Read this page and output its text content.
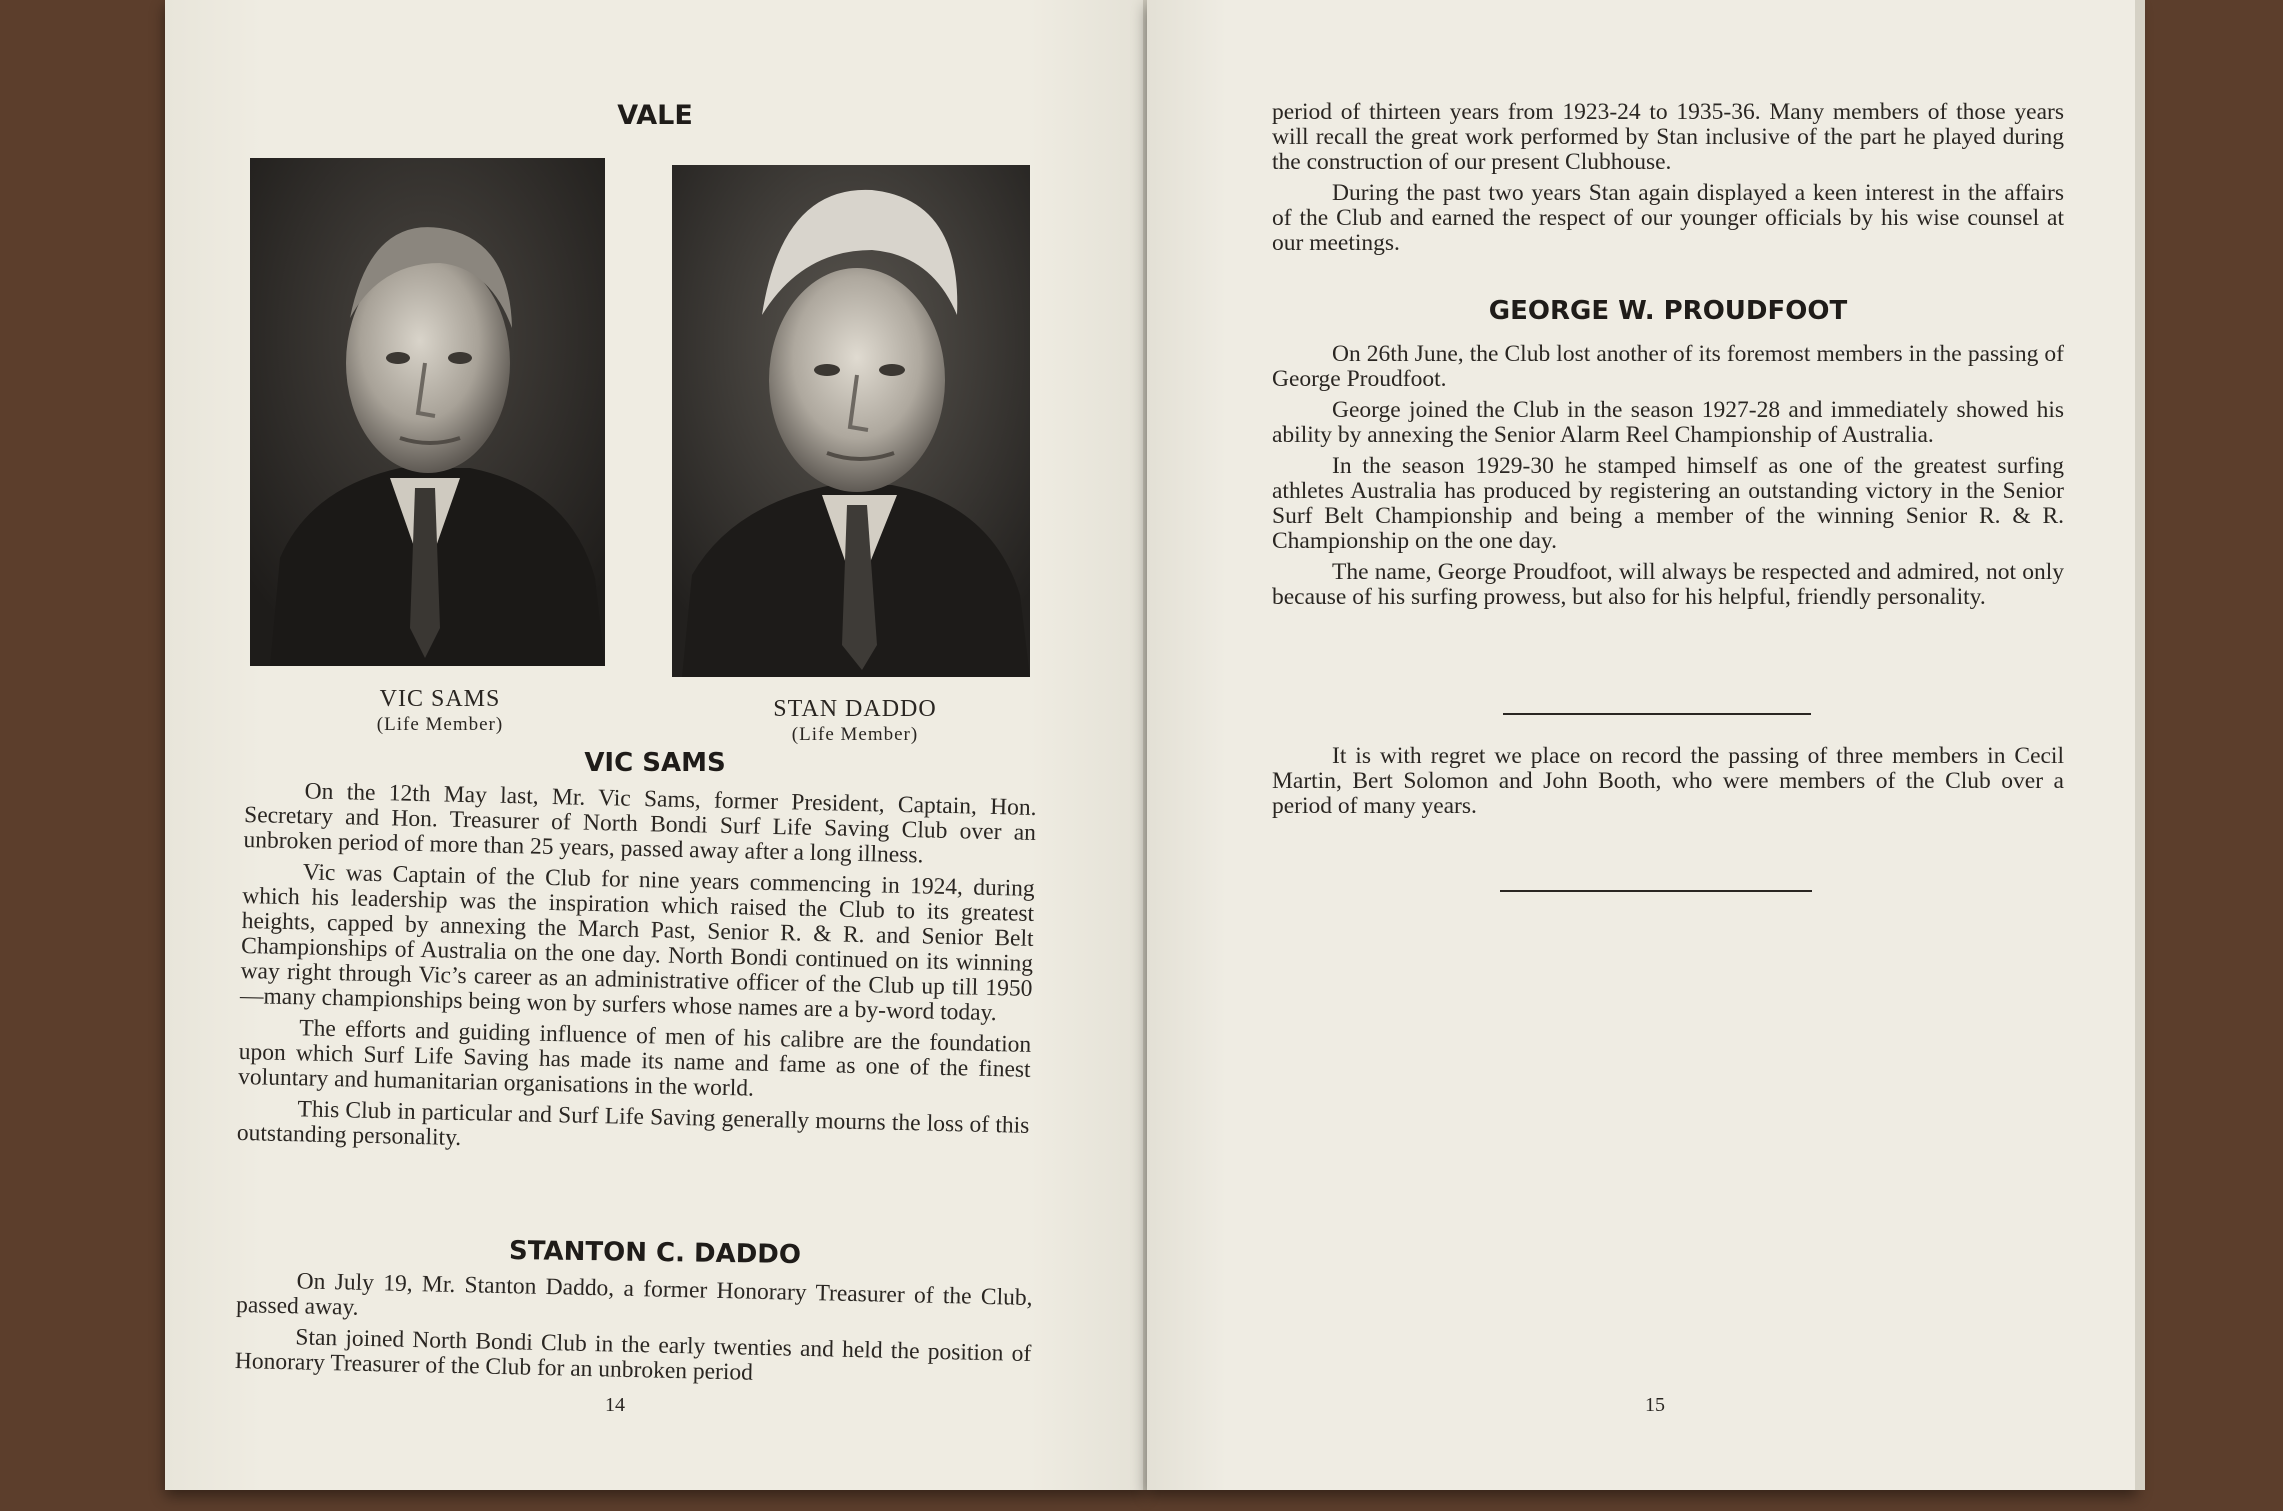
VALE
VIC SAMS
(Life Member)
STAN DADDO
(Life Member)
VIC SAMS

On the 12th May last, Mr. Vic Sams, former President, Captain, Hon. Secretary and Hon. Treasurer of North Bondi Surf Life Saving Club over an unbroken period of more than 25 years, passed away after a long illness.

Vic was Captain of the Club for nine years commencing in 1924, during which his leadership was the inspiration which raised the Club to its greatest heights, capped by annexing the March Past, Senior R. & R. and Senior Belt Championships of Australia on the one day. North Bondi continued on its winning way right through Vic’s career as an administrative officer of the Club up till 1950—many championships being won by surfers whose names are a by-word today.

The efforts and guiding influence of men of his calibre are the foundation upon which Surf Life Saving has made its name and fame as one of the finest voluntary and humanitarian organisations in the world.

This Club in particular and Surf Life Saving generally mourns the loss of this outstanding personality.

STANTON C. DADDO

On July 19, Mr. Stanton Daddo, a former Honorary Treasurer of the Club, passed away.

Stan joined North Bondi Club in the early twenties and held the position of Honorary Treasurer of the Club for an unbroken period

14

period of thirteen years from 1923-24 to 1935-36. Many members of those years will recall the great work performed by Stan inclusive of the part he played during the construction of our present Clubhouse.

During the past two years Stan again displayed a keen interest in the affairs of the Club and earned the respect of our younger officials by his wise counsel at our meetings.

GEORGE W. PROUDFOOT

On 26th June, the Club lost another of its foremost members in the passing of George Proudfoot.

George joined the Club in the season 1927-28 and immediately showed his ability by annexing the Senior Alarm Reel Championship of Australia.

In the season 1929-30 he stamped himself as one of the greatest surfing athletes Australia has produced by registering an outstanding victory in the Senior Surf Belt Championship and being a member of the winning Senior R. & R. Championship on the one day.

The name, George Proudfoot, will always be respected and admired, not only because of his surfing prowess, but also for his helpful, friendly personality.

It is with regret we place on record the passing of three members in Cecil Martin, Bert Solomon and John Booth, who were members of the Club over a period of many years.

15
